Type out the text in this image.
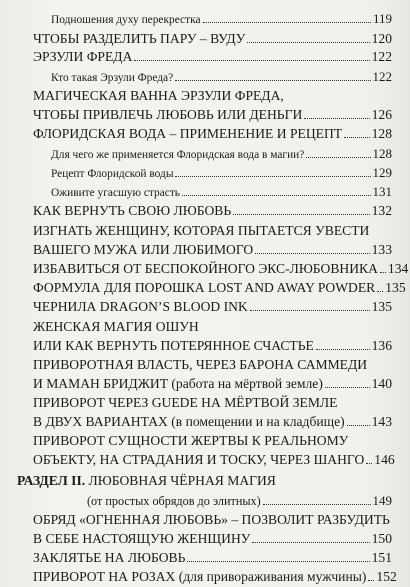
Подношения духу перекрестка	119
ЧТОБЫ РАЗДЕЛИТЬ ПАРУ – ВУДУ	120
ЭРЗУЛИ ФРЕДА	122
Кто такая Эрзули Фреда?	122
МАГИЧЕСКАЯ ВАННА ЭРЗУЛИ ФРЕДА,
ЧТОБЫ ПРИВЛЕЧЬ ЛЮБОВЬ ИЛИ ДЕНЬГИ	126
ФЛОРИДСКАЯ ВОДА – ПРИМЕНЕНИЕ И РЕЦЕПТ 128
Для чего же применяется Флоридская вода в магии?	128
Рецепт Флоридской воды	129
Оживите угасшую страсть	131
КАК ВЕРНУТЬ СВОЮ ЛЮБОВЬ	132
ИЗГНАТЬ ЖЕНЩИНУ, КОТОРАЯ ПЫТАЕТСЯ УВЕСТИ
ВАШЕГО МУЖА ИЛИ ЛЮБИМОГО	133
ИЗБАВИТЬСЯ ОТ БЕСПОКОЙНОГО ЭКС-ЛЮБОВНИКА 134
ФОРМУЛА ДЛЯ ПОРОШКА LOST AND AWAY POWDER 135
ЧЕРНИЛА DRAGON’S BLOOD INK	135
ЖЕНСКАЯ МАГИЯ ОШУН
ИЛИ КАК ВЕРНУТЬ ПОТЕРЯННОЕ СЧАСТЬЕ	136
ПРИВОРОТНАЯ ВЛАСТЬ, ЧЕРЕЗ БАРОНА САММЕДИ
И МАМАН БРИДЖИТ (работа на мёртвой земле)	140
ПРИВОРОТ ЧЕРЕЗ GUEDE НА МЁРТВОЙ ЗЕМЛЕ
В ДВУХ ВАРИАНТАХ (в помещении и на кладбище) 143
ПРИВОРОТ СУЩНОСТИ ЖЕРТВЫ К РЕАЛЬНОМУ
ОБЪЕКТУ, НА СТРАДАНИЯ И ТОСКУ, ЧЕРЕЗ ШАНГО 146
РАЗДЕЛ II.
ЛЮБОВНАЯ ЧЁРНАЯ МАГИЯ
(от простых обрядов до элитных)	149
ОБРЯД «ОГНЕННАЯ ЛЮБОВЬ» – ПОЗВОЛИТ РАЗБУДИТЬ
В СЕБЕ НАСТОЯЩУЮ ЖЕНЩИНУ	150
ЗАКЛЯТЬЕ НА ЛЮБОВЬ	151
ПРИВОРОТ НА РОЗАХ (для привораживания мужчины) 152
